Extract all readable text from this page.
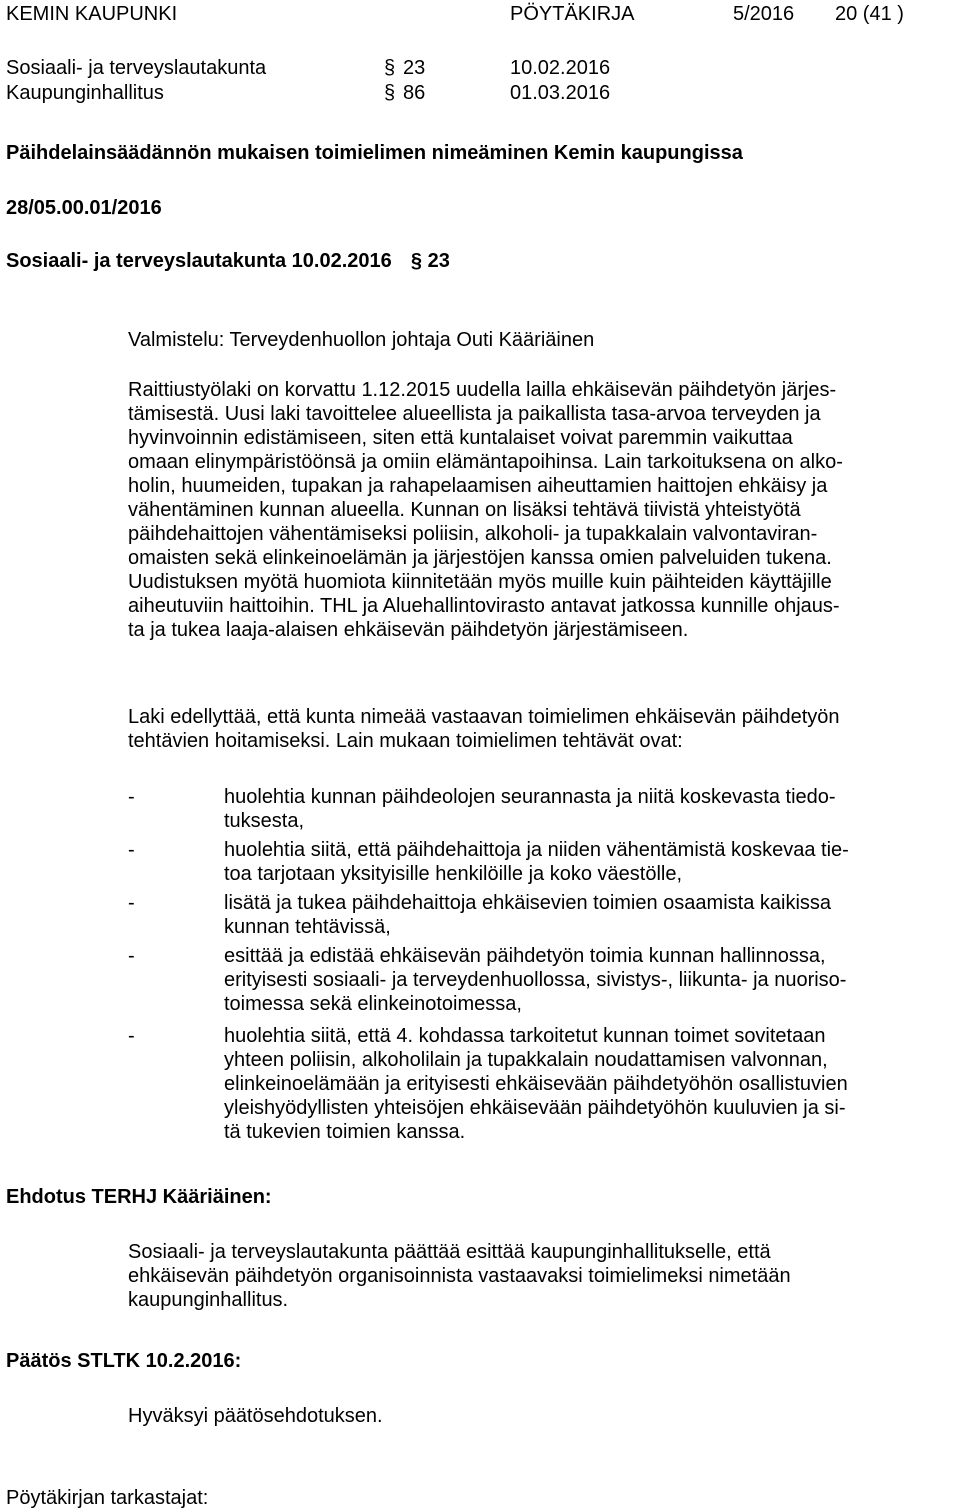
KEMIN KAUPUNKI	PÖYTÄKIRJA	5/2016 20 (41 )
Sosiaali- ja terveyslautakunta	§ 23	10.02.2016
Kaupunginhallitus	§ 86	01.03.2016
Päihdelainsäädännön mukaisen toimielimen nimeäminen Kemin kaupungissa
28/05.00.01/2016
Sosiaali- ja terveyslautakunta 10.02.2016 § 23
Valmistelu: Terveydenhuollon johtaja Outi Kääriäinen
Raittiustyölaki on korvattu 1.12.2015 uudella lailla ehkäisevän päihdetyön järjes-
tämisestä. Uusi laki tavoittelee alueellista ja paikallista tasa-arvoa terveyden ja
hyvinvoinnin edistämiseen, siten että kuntalaiset voivat paremmin vaikuttaa
omaan elinympäristöönsä ja omiin elämäntapoihinsa. Lain tarkoituksena on alko-
holin, huumeiden, tupakan ja rahapelaamisen aiheuttamien haittojen ehkäisy ja
vähentäminen kunnan alueella. Kunnan on lisäksi tehtävä tiivistä yhteistyötä
päihdehaittojen vähentämiseksi poliisin, alkoholi- ja tupakkalain valvontaviran-
omaisten sekä elinkeinoelämän ja järjestöjen kanssa omien palveluiden tukena.
Uudistuksen myötä huomiota kiinnitetään myös muille kuin päihteiden käyttäjille
aiheutuviin haittoihin. THL ja Aluehallintovirasto antavat jatkossa kunnille ohjaus-
ta ja tukea laaja-alaisen ehkäisevän päihdetyön järjestämiseen.
Laki edellyttää, että kunta nimeää vastaavan toimielimen ehkäisevän päihdetyön
tehtävien hoitamiseksi. Lain mukaan toimielimen tehtävät ovat:
-	huolehtia kunnan päihdeolojen seurannasta ja niitä koskevasta tiedo-
tuksesta,
-	huolehtia siitä, että päihdehaittoja ja niiden vähentämistä koskevaa tie-
toa tarjotaan yksityisille henkilöille ja koko väestölle,
-	lisätä ja tukea päihdehaittoja ehkäisevien toimien osaamista kaikissa
kunnan tehtävissä,
-	esittää ja edistää ehkäisevän päihdetyön toimia kunnan hallinnossa,
erityisesti sosiaali- ja terveydenhuollossa, sivistys-, liikunta- ja nuoriso-
toimessa sekä elinkeinotoimessa,
-	huolehtia siitä, että 4. kohdassa tarkoitetut kunnan toimet sovitetaan
yhteen poliisin, alkoholilain ja tupakkalain noudattamisen valvonnan,
elinkeinoelämään ja erityisesti ehkäisevään päihdetyöhön osallistuvien
yleishyödyllisten yhteisöjen ehkäisevään päihdetyöhön kuuluvien ja si-
tä tukevien toimien kanssa.
Ehdotus TERHJ Kääriäinen:
Sosiaali- ja terveyslautakunta päättää esittää kaupunginhallitukselle, että
ehkäisevän päihdetyön organisoinnista vastaavaksi toimielimeksi nimetään
kaupunginhallitus.
Päätös STLTK 10.2.2016:
Hyväksyi päätösehdotuksen.
Pöytäkirjan tarkastajat:
